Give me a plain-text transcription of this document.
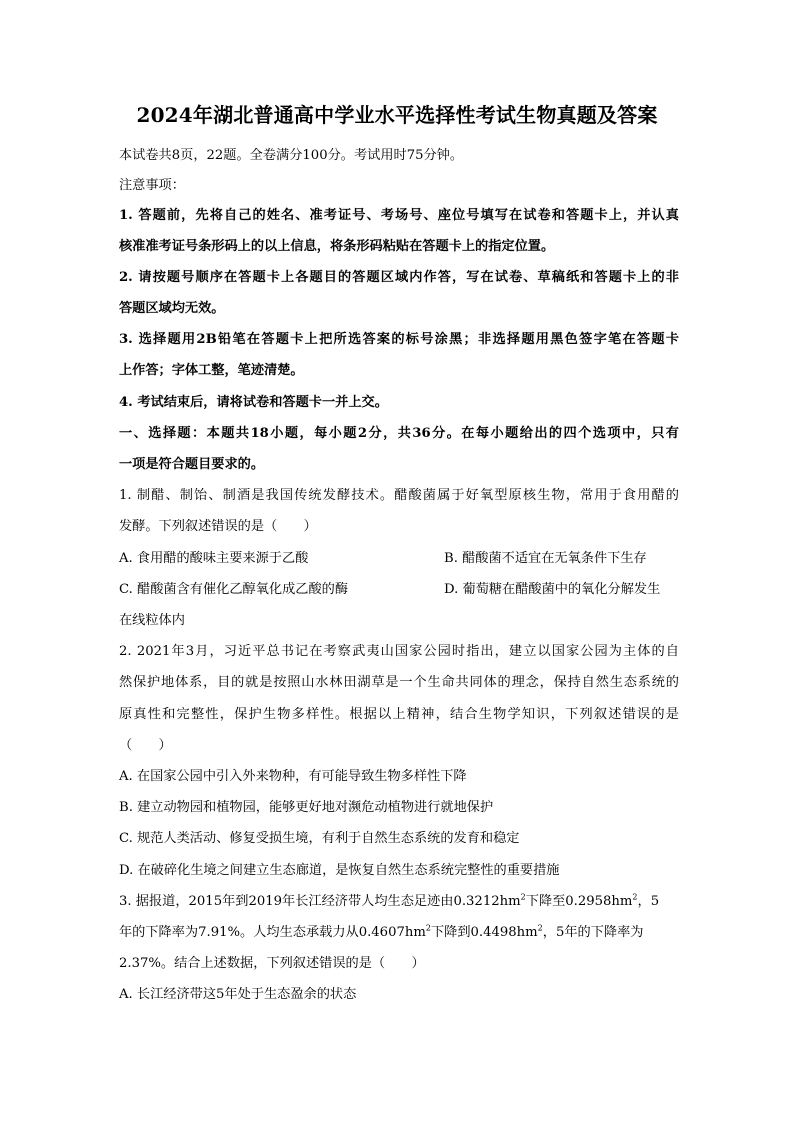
2024年湖北普通高中学业水平选择性考试生物真题及答案
本试卷共8页，22题。全卷满分100分。考试用时75分钟。
注意事项：
1. 答题前，先将自己的姓名、准考证号、考场号、座位号填写在试卷和答题卡上，并认真
核准准考证号条形码上的以上信息，将条形码粘贴在答题卡上的指定位置。
2. 请按题号顺序在答题卡上各题目的答题区域内作答，写在试卷、草稿纸和答题卡上的非
答题区域均无效。
3. 选择题用2B铅笔在答题卡上把所选答案的标号涂黑；非选择题用黑色签字笔在答题卡
上作答；字体工整，笔迹清楚。
4. 考试结束后，请将试卷和答题卡一并上交。
一、选择题：本题共18小题，每小题2分，共36分。在每小题给出的四个选项中，只有
一项是符合题目要求的。
1. 制醋、制饴、制酒是我国传统发酵技术。醋酸菌属于好氧型原核生物，常用于食用醋的
发酵。下列叙述错误的是（　　）
A. 食用醋的酸味主要来源于乙酸	B. 醋酸菌不适宜在无氧条件下生存
C. 醋酸菌含有催化乙醇氧化成乙酸的酶	D. 葡萄糖在醋酸菌中的氧化分解发生
在线粒体内
2. 2021年3月，习近平总书记在考察武夷山国家公园时指出，建立以国家公园为主体的自
然保护地体系，目的就是按照山水林田湖草是一个生命共同体的理念，保持自然生态系统的
原真性和完整性，保护生物多样性。根据以上精神，结合生物学知识，下列叙述错误的是
（　　）
A. 在国家公园中引入外来物种，有可能导致生物多样性下降
B. 建立动物园和植物园，能够更好地对濒危动植物进行就地保护
C. 规范人类活动、修复受损生境，有利于自然生态系统的发育和稳定
D. 在破碎化生境之间建立生态廊道，是恢复自然生态系统完整性的重要措施
3. 据报道，2015年到2019年长江经济带人均生态足迹由$0.3212hm^2$下降至$0.2958hm^2$，5
年的下降率为7.91%。人均生态承载力从$0.4607hm^2$下降到$0.4498hm^2$，5年的下降率为
2.37%。结合上述数据，下列叙述错误的是（　　）
A. 长江经济带这5年处于生态盈余的状态
